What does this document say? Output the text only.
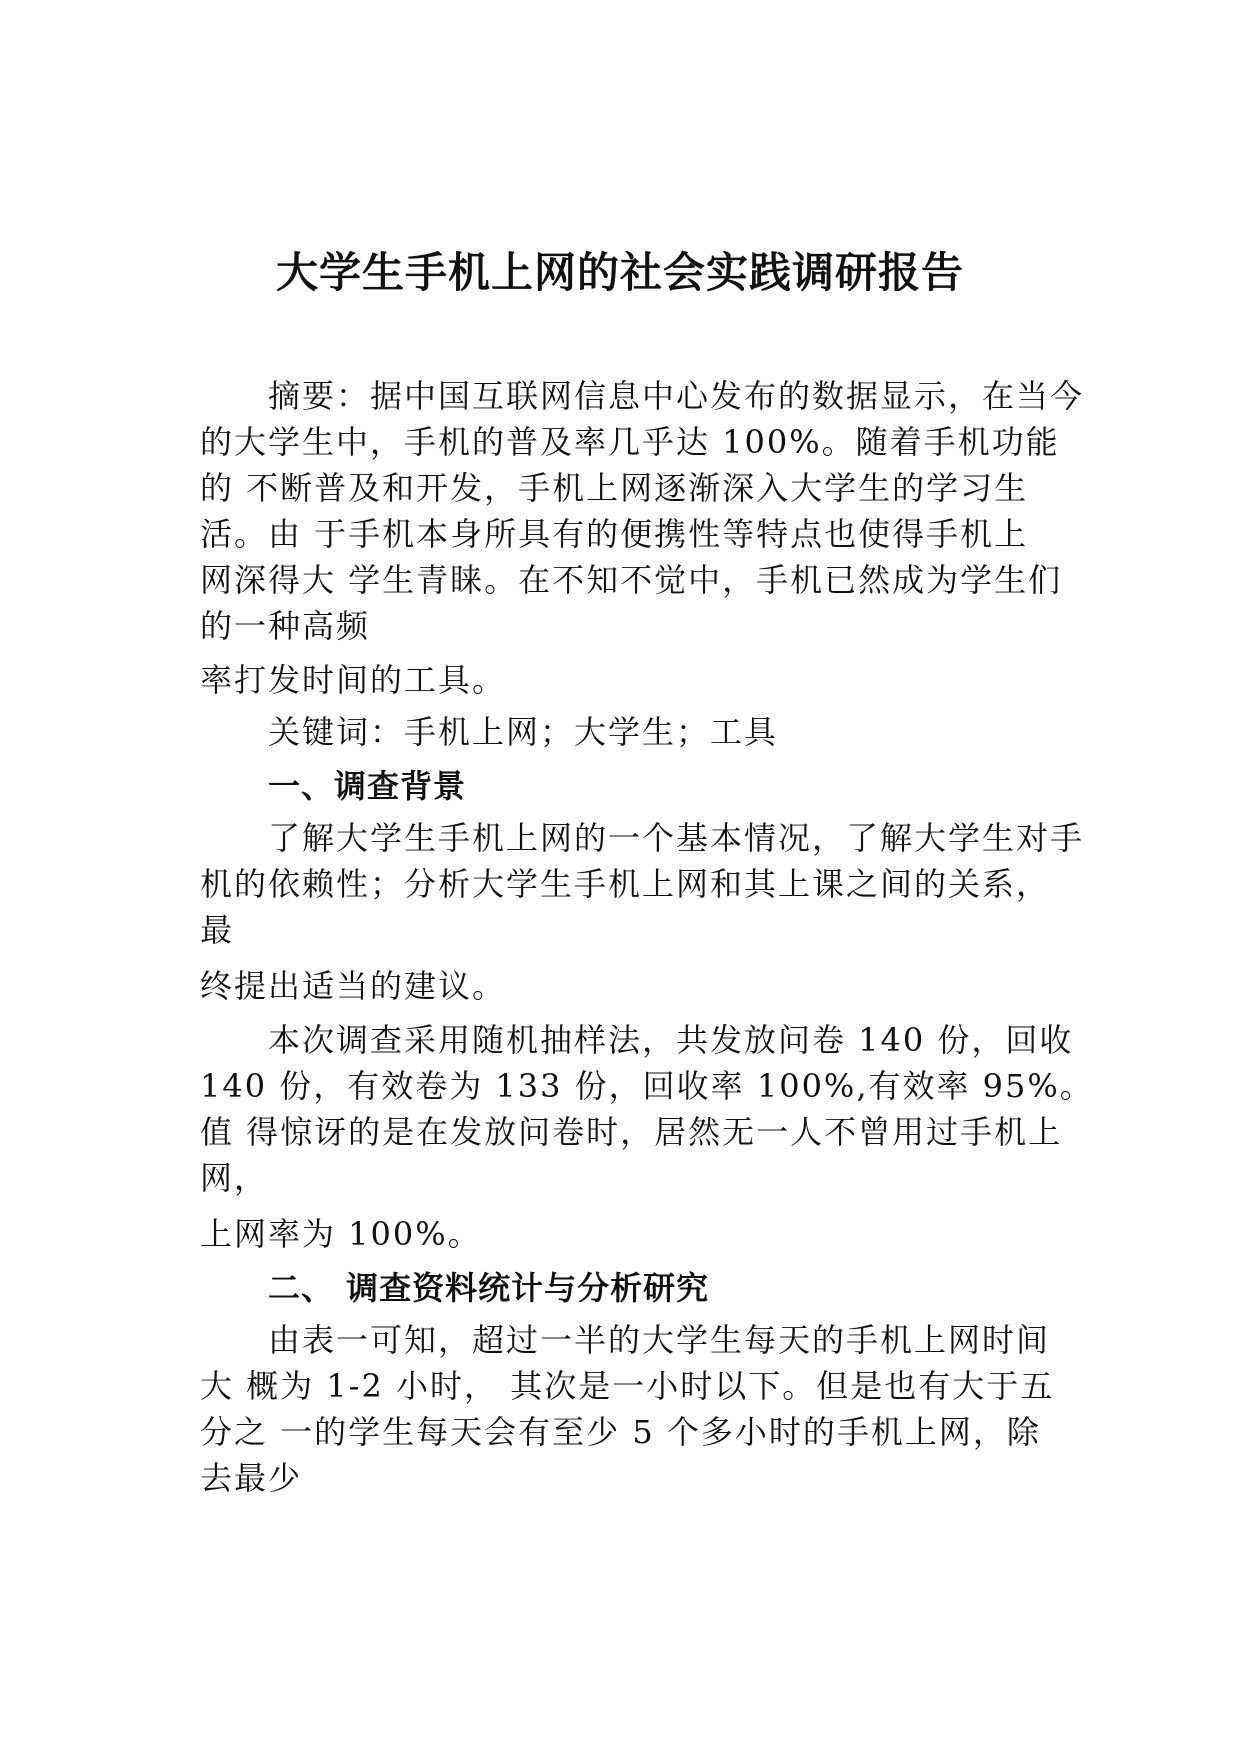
大学生手机上网的社会实践调研报告
摘要：据中国互联网信息中心发布的数据显示，在当今
的大学生中，手机的普及率几乎达 100%。随着手机功能
的 不断普及和开发，手机上网逐渐深入大学生的学习生
活。由 于手机本身所具有的便携性等特点也使得手机上
网深得大 学生青睐。在不知不觉中，手机已然成为学生们
的一种高频
率打发时间的工具。
关键词：手机上网；大学生；工具
一、调查背景
了解大学生手机上网的一个基本情况，了解大学生对手
机的依赖性；分析大学生手机上网和其上课之间的关系，
最
终提出适当的建议。
本次调查采用随机抽样法，共发放问卷 140 份，回收
140 份，有效卷为 133 份，回收率 100%,有效率 95%。
值 得惊讶的是在发放问卷时，居然无一人不曾用过手机上
网，
上网率为 100%。
二、 调查资料统计与分析研究
由表一可知，超过一半的大学生每天的手机上网时间
大 概为 1-2 小时， 其次是一小时以下。但是也有大于五
分之 一的学生每天会有至少 5 个多小时的手机上网，除
去最少
